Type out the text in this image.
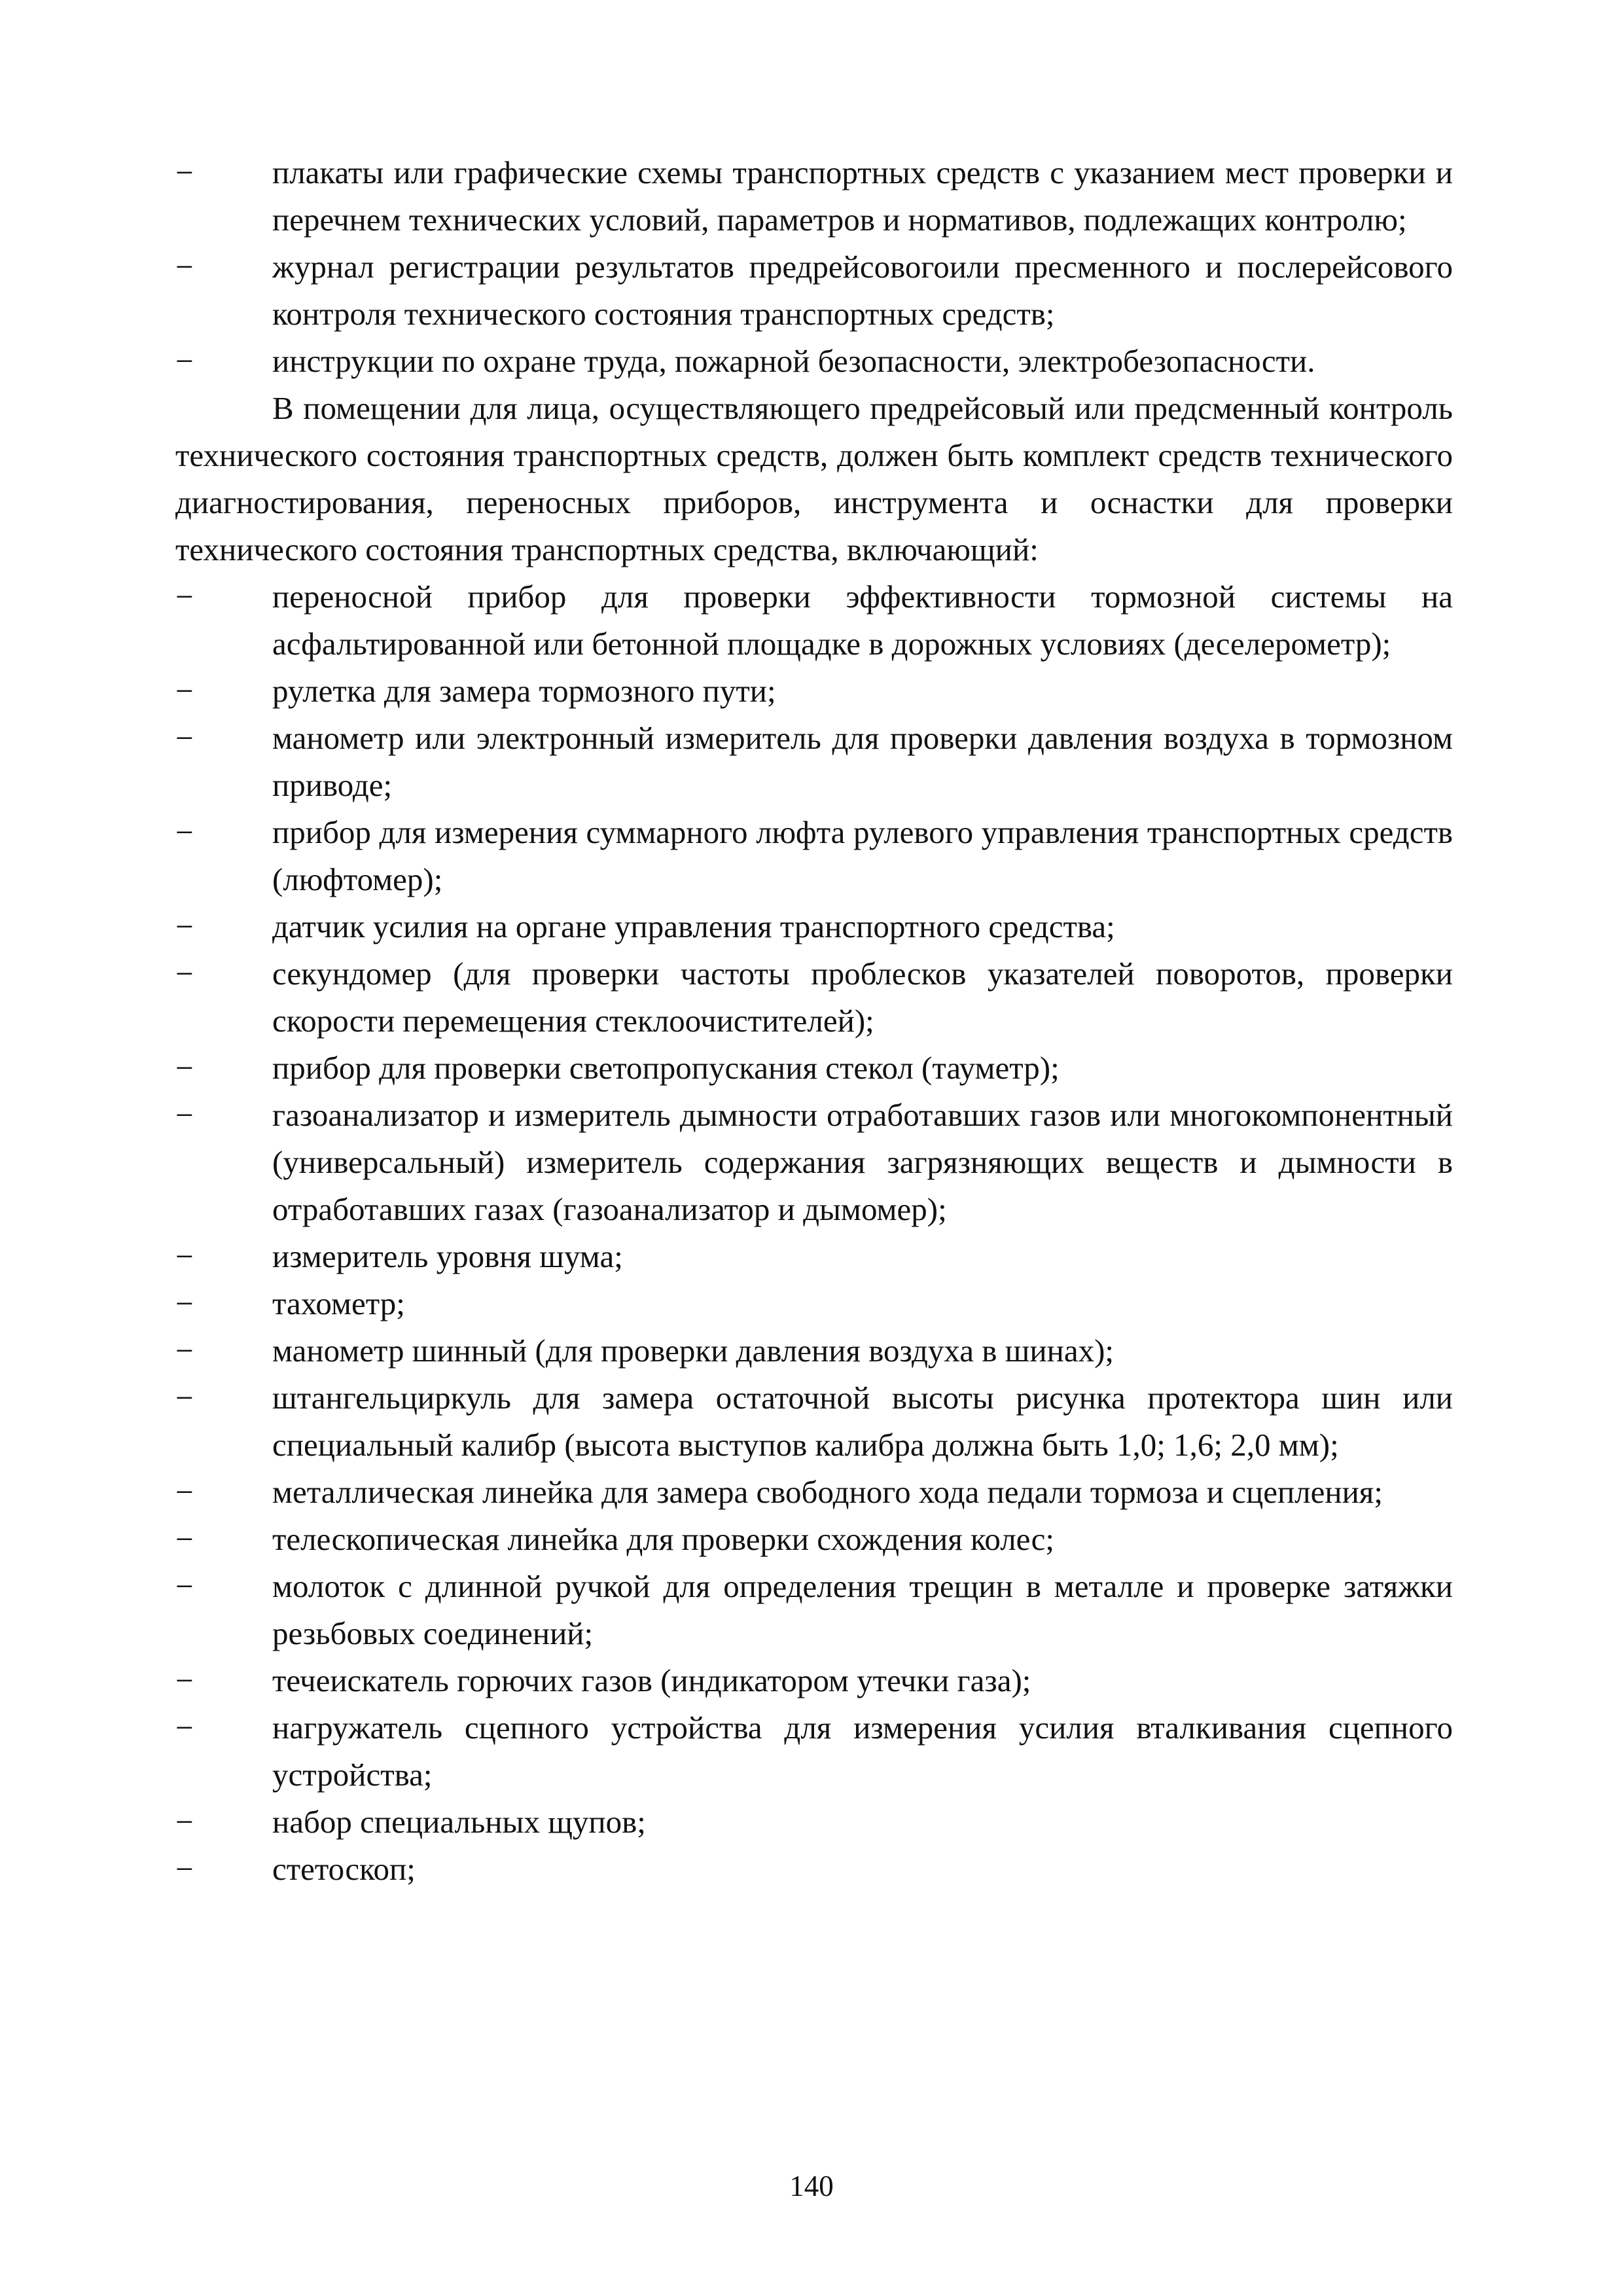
−	плакаты или графические схемы транспортных средств с указанием мест проверки и перечнем технических условий, параметров и нормативов, подлежащих контролю;
−	журнал регистрации результатов предрейсовогоили пресменного и послерейсового контроля технического состояния транспортных средств;
−	инструкции по охране труда, пожарной безопасности, электробезопасности.
В помещении для лица, осуществляющего предрейсовый или предсменный контроль технического состояния транспортных средств, должен быть комплект средств технического диагностирования, переносных приборов, инструмента и оснастки для проверки технического состояния транспортных средства, включающий:
−	переносной прибор для проверки эффективности тормозной системы на асфальтированной или бетонной площадке в дорожных условиях (деселерометр);
−	рулетка для замера тормозного пути;
−	манометр или электронный измеритель для проверки давления воздуха в тормозном приводе;
−	прибор для измерения суммарного люфта рулевого управления транспортных средств (люфтомер);
−	датчик усилия на органе управления транспортного средства;
−	секундомер (для проверки частоты проблесков указателей поворотов, проверки скорости перемещения стеклоочистителей);
−	прибор для проверки светопропускания стекол (тауметр);
−	газоанализатор и измеритель дымности отработавших газов или многокомпонентный (универсальный) измеритель содержания загрязняющих веществ и дымности в отработавших газах (газоанализатор и дымомер);
−	измеритель уровня шума;
−	тахометр;
−	манометр шинный (для проверки давления воздуха в шинах);
−	штангельциркуль для замера остаточной высоты рисунка протектора шин или специальный калибр (высота выступов калибра должна быть 1,0; 1,6; 2,0 мм);
−	металлическая линейка для замера свободного хода педали тормоза и сцепления;
−	телескопическая линейка для проверки схождения колес;
−	молоток с длинной ручкой для определения трещин в металле и проверке затяжки резьбовых соединений;
−	течеискатель горючих газов (индикатором утечки газа);
−	нагружатель сцепного устройства для измерения усилия вталкивания сцепного устройства;
−	набор специальных щупов;
−	стетоскоп;
140
